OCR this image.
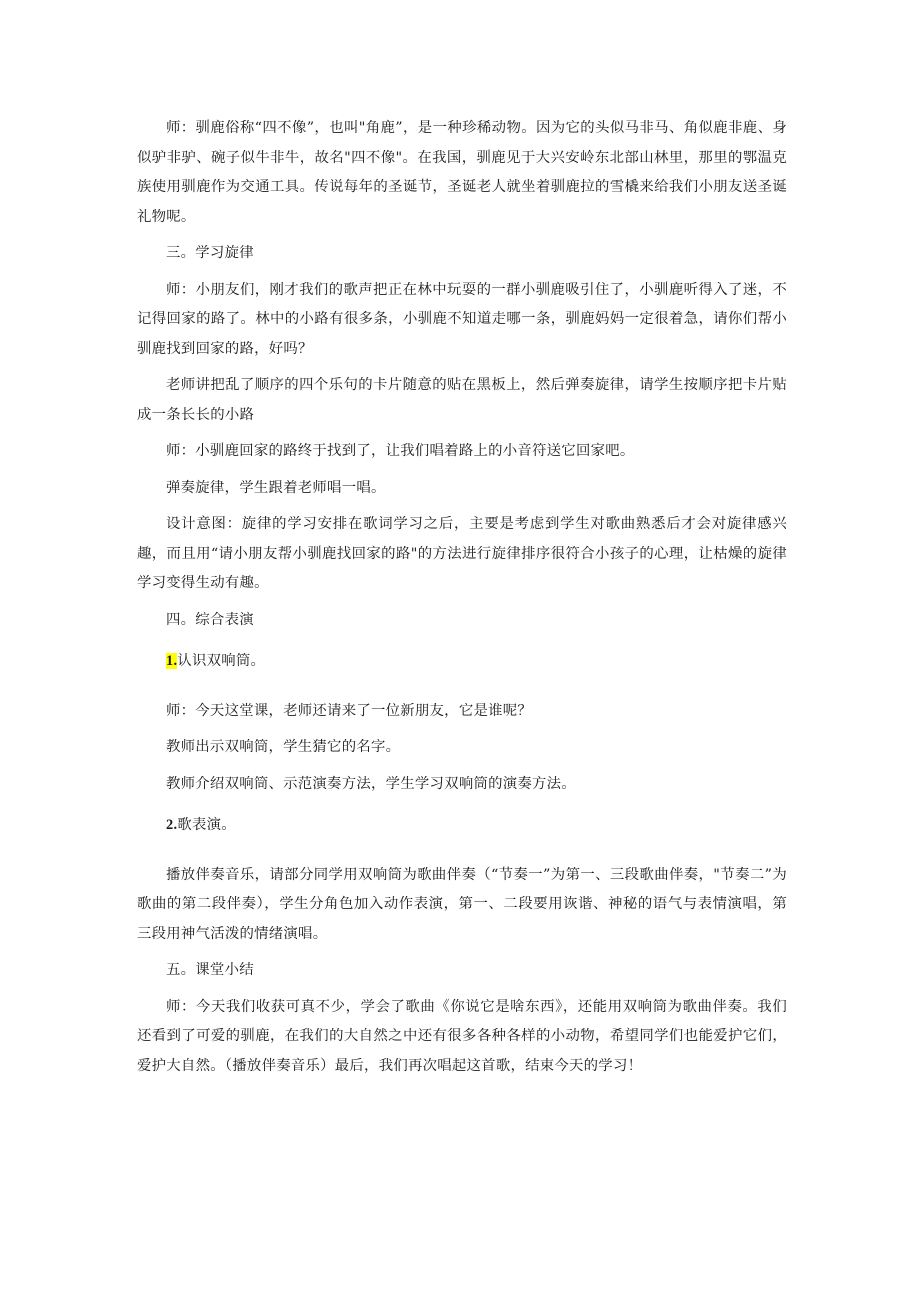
师：驯鹿俗称“四不像”，也叫"角鹿”，是一种珍稀动物。因为它的头似马非马、角似鹿非鹿、身似驴非驴、碗子似牛非牛，故名"四不像"。在我国，驯鹿见于大兴安岭东北部山林里，那里的鄂温克族使用驯鹿作为交通工具。传说每年的圣诞节，圣诞老人就坐着驯鹿拉的雪橇来给我们小朋友送圣诞礼物呢。

三。学习旋律

师：小朋友们，刚才我们的歌声把正在林中玩耍的一群小驯鹿吸引住了，小驯鹿听得入了迷，不记得回家的路了。林中的小路有很多条，小驯鹿不知道走哪一条，驯鹿妈妈一定很着急，请你们帮小驯鹿找到回家的路，好吗？

老师讲把乱了顺序的四个乐句的卡片随意的贴在黑板上，然后弹奏旋律，请学生按顺序把卡片贴成一条长长的小路

师：小驯鹿回家的路终于找到了，让我们唱着路上的小音符送它回家吧。

弹奏旋律，学生跟着老师唱一唱。

设计意图：旋律的学习安排在歌词学习之后，主要是考虑到学生对歌曲熟悉后才会对旋律感兴趣，而且用“请小朋友帮小驯鹿找回家的路"的方法进行旋律排序很符合小孩子的心理，让枯燥的旋律学习变得生动有趣。

四。综合表演

1.认识双响筒。

师：今天这堂课，老师还请来了一位新朋友，它是谁呢？

教师出示双响筒，学生猜它的名字。

教师介绍双响筒、示范演奏方法，学生学习双响筒的演奏方法。

2.歌表演。

播放伴奏音乐，请部分同学用双响筒为歌曲伴奏（“节奏一”为第一、三段歌曲伴奏，"节奏二”为歌曲的第二段伴奏），学生分角色加入动作表演，第一、二段要用诙谐、神秘的语气与表情演唱，第三段用神气活泼的情绪演唱。

五。课堂小结

师：今天我们收获可真不少，学会了歌曲《你说它是啥东西》，还能用双响筒为歌曲伴奏。我们还看到了可爱的驯鹿，在我们的大自然之中还有很多各种各样的小动物，希望同学们也能爱护它们，爱护大自然。（播放伴奏音乐）最后，我们再次唱起这首歌，结束今天的学习！
